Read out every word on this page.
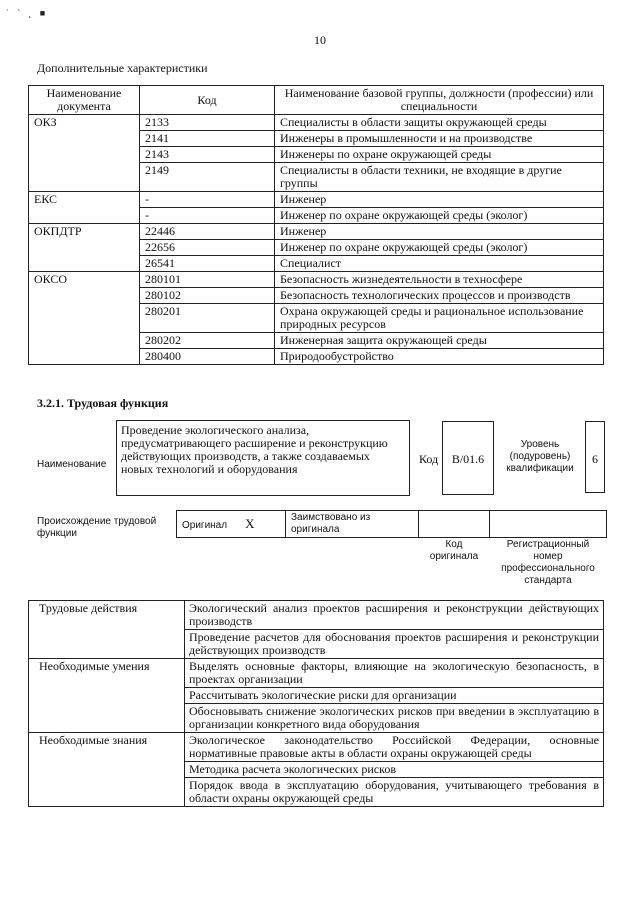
˙ ` ˛ ■
10
Дополнительные характеристики
Наименование документа	Код	Наименование базовой группы, должности (профессии) или специальности
ОКЗ	2133	Специалисты в области защиты окружающей среды
	2141	Инженеры в промышленности и на производстве
	2143	Инженеры по охране окружающей среды
	2149	Специалисты в области техники, не входящие в другие группы
ЕКС	-	Инженер
	-	Инженер по охране окружающей среды (эколог)
ОКПДТР	22446	Инженер
	22656	Инженер по охране окружающей среды (эколог)
	26541	Специалист
ОКСО	280101	Безопасность жизнедеятельности в техносфере
	280102	Безопасность технологических процессов и производств
	280201	Охрана окружающей среды и рациональное использование природных ресурсов
	280202	Инженерная защита окружающей среды
	280400	Природообустройство
3.2.1. Трудовая функция
Наименование
Проведение экологического анализа, предусматривающего расширение и реконструкцию действующих производств, а также создаваемых новых технологий и оборудования
Код	B/01.6
Уровень (подуровень) квалификации
6
Происхождение трудовой функции
Оригинал X	Заимствовано из оригинала		
Код оригинала
Регистрационный номер профессионального стандарта
Трудовые действия	Экологический анализ проектов расширения и реконструкции действующих производств
	Проведение расчетов для обоснования проектов расширения и реконструкции действующих производств
Необходимые умения	Выделять основные факторы, влияющие на экологическую безопасность, в проектах организации
	Рассчитывать экологические риски для организации
	Обосновывать снижение экологических рисков при введении в эксплуатацию в организации конкретного вида оборудования
Необходимые знания	Экологическое законодательство Российской Федерации, основные нормативные правовые акты в области охраны окружающей среды
	Методика расчета экологических рисков
	Порядок ввода в эксплуатацию оборудования, учитывающего требования в области охраны окружающей среды
